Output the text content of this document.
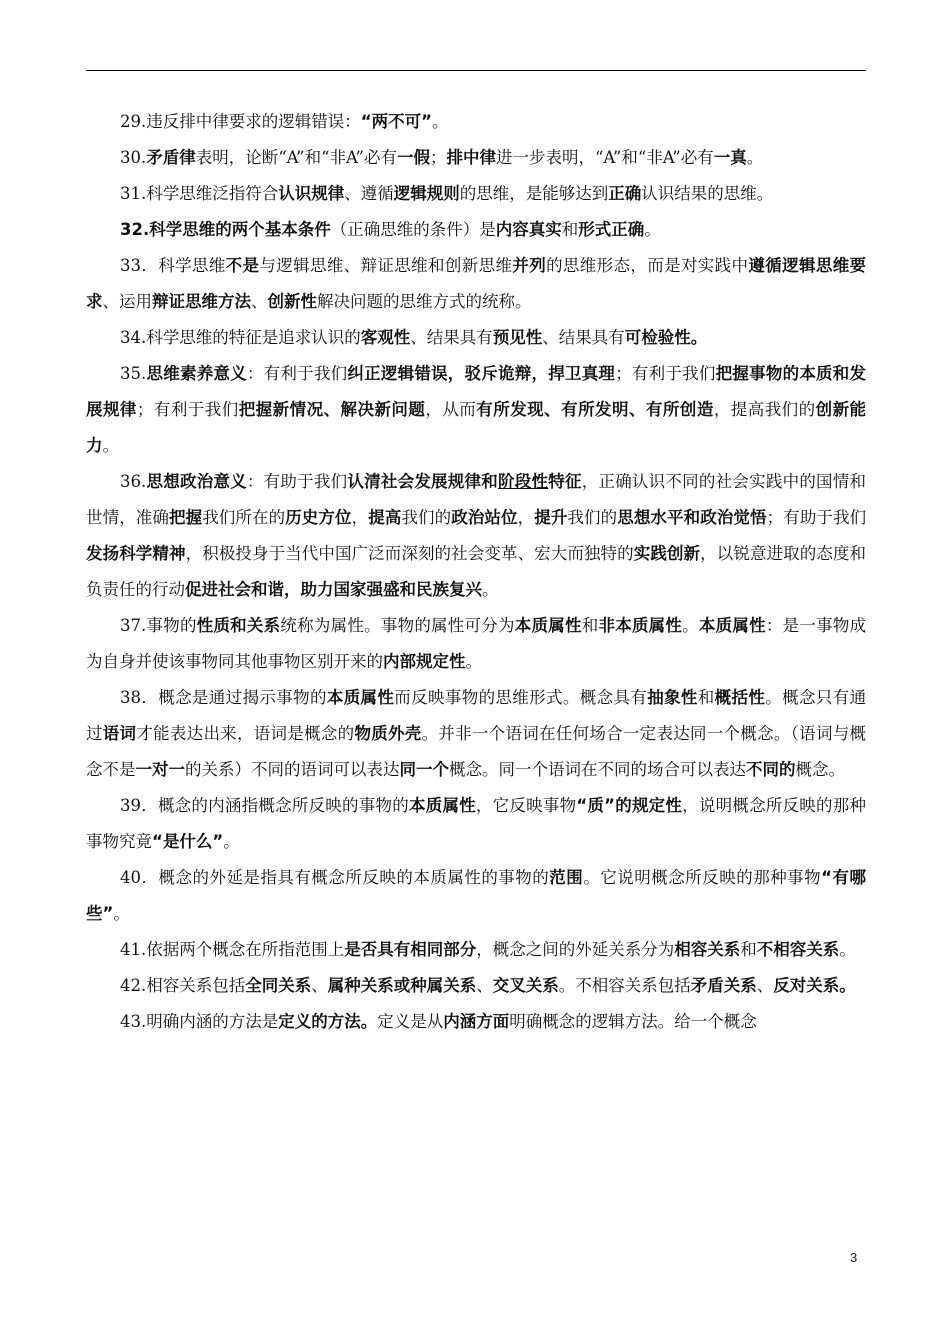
29.违反排中律要求的逻辑错误：“两不可”。

30.矛盾律表明，论断“A”和“非A”必有一假；排中律进一步表明，“A”和“非A”必有一真。

31.科学思维泛指符合认识规律、遵循逻辑规则的思维，是能够达到正确认识结果的思维。

32.科学思维的两个基本条件（正确思维的条件）是内容真实和形式正确。

33．科学思维不是与逻辑思维、辩证思维和创新思维并列的思维形态，而是对实践中遵循逻辑思维要求、运用辩证思维方法、创新性解决问题的思维方式的统称。

34.科学思维的特征是追求认识的客观性、结果具有预见性、结果具有可检验性。

35.思维素养意义：有利于我们纠正逻辑错误，驳斥诡辩，捍卫真理；有利于我们把握事物的本质和发展规律；有利于我们把握新情况、解决新问题，从而有所发现、有所发明、有所创造，提高我们的创新能力。

36.思想政治意义：有助于我们认清社会发展规律和阶段性特征，正确认识不同的社会实践中的国情和世情，准确把握我们所在的历史方位，提高我们的政治站位，提升我们的思想水平和政治觉悟；有助于我们发扬科学精神，积极投身于当代中国广泛而深刻的社会变革、宏大而独特的实践创新，以锐意进取的态度和负责任的行动促进社会和谐，助力国家强盛和民族复兴。

37.事物的性质和关系统称为属性。事物的属性可分为本质属性和非本质属性。本质属性：是一事物成为自身并使该事物同其他事物区别开来的内部规定性。

38．概念是通过揭示事物的本质属性而反映事物的思维形式。概念具有抽象性和概括性。概念只有通过语词才能表达出来，语词是概念的物质外壳。并非一个语词在任何场合一定表达同一个概念。（语词与概念不是一对一的关系）不同的语词可以表达同一个概念。同一个语词在不同的场合可以表达不同的概念。

39．概念的内涵指概念所反映的事物的本质属性，它反映事物“质”的规定性，说明概念所反映的那种事物究竟“是什么”。

40．概念的外延是指具有概念所反映的本质属性的事物的范围。它说明概念所反映的那种事物“有哪些”。

41.依据两个概念在所指范围上是否具有相同部分，概念之间的外延关系分为相容关系和不相容关系。

42.相容关系包括全同关系、属种关系或种属关系、交叉关系。不相容关系包括矛盾关系、反对关系。

43.明确内涵的方法是定义的方法。定义是从内涵方面明确概念的逻辑方法。给一个概念

3
